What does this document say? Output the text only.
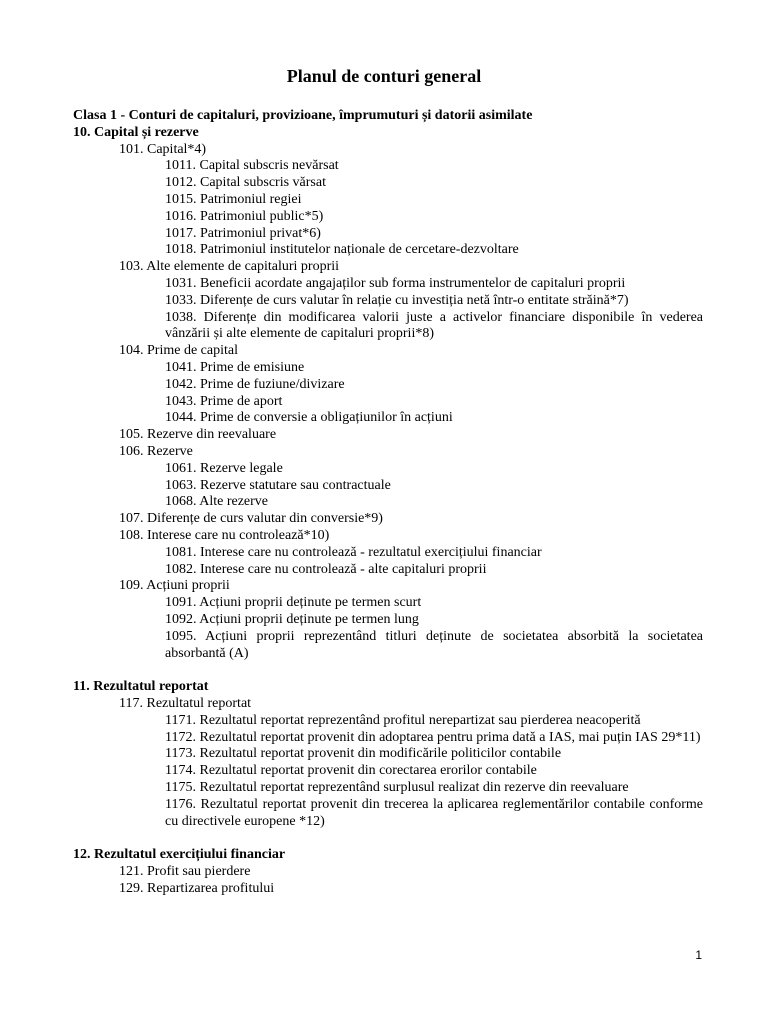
Planul de conturi general
Clasa 1 - Conturi de capitaluri, provizioane, împrumuturi și datorii asimilate
10. Capital și rezerve
101. Capital*4)
1011. Capital subscris nevărsat
1012. Capital subscris vărsat
1015. Patrimoniul regiei
1016. Patrimoniul public*5)
1017. Patrimoniul privat*6)
1018. Patrimoniul institutelor naționale de cercetare-dezvoltare
103. Alte elemente de capitaluri proprii
1031. Beneficii acordate angajaților sub forma instrumentelor de capitaluri proprii
1033. Diferențe de curs valutar în relație cu investiția netă într-o entitate străină*7)
1038. Diferențe din modificarea valorii juste a activelor financiare disponibile în vederea vânzării și alte elemente de capitaluri proprii*8)
104. Prime de capital
1041. Prime de emisiune
1042. Prime de fuziune/divizare
1043. Prime de aport
1044. Prime de conversie a obligațiunilor în acțiuni
105. Rezerve din reevaluare
106. Rezerve
1061. Rezerve legale
1063. Rezerve statutare sau contractuale
1068. Alte rezerve
107. Diferențe de curs valutar din conversie*9)
108. Interese care nu controlează*10)
1081. Interese care nu controlează - rezultatul exercițiului financiar
1082. Interese care nu controlează - alte capitaluri proprii
109. Acțiuni proprii
1091. Acțiuni proprii deținute pe termen scurt
1092. Acțiuni proprii deținute pe termen lung
1095. Acțiuni proprii reprezentând titluri deținute de societatea absorbită la societatea absorbantă (A)
11. Rezultatul reportat
117. Rezultatul reportat
1171. Rezultatul reportat reprezentând profitul nerepartizat sau pierderea neacoperită
1172. Rezultatul reportat provenit din adoptarea pentru prima dată a IAS, mai puțin IAS 29*11)
1173. Rezultatul reportat provenit din modificările politicilor contabile
1174. Rezultatul reportat provenit din corectarea erorilor contabile
1175. Rezultatul reportat reprezentând surplusul realizat din rezerve din reevaluare
1176. Rezultatul reportat provenit din trecerea la aplicarea reglementărilor contabile conforme cu directivele europene *12)
12. Rezultatul exercițiului financiar
121. Profit sau pierdere
129. Repartizarea profitului
1
